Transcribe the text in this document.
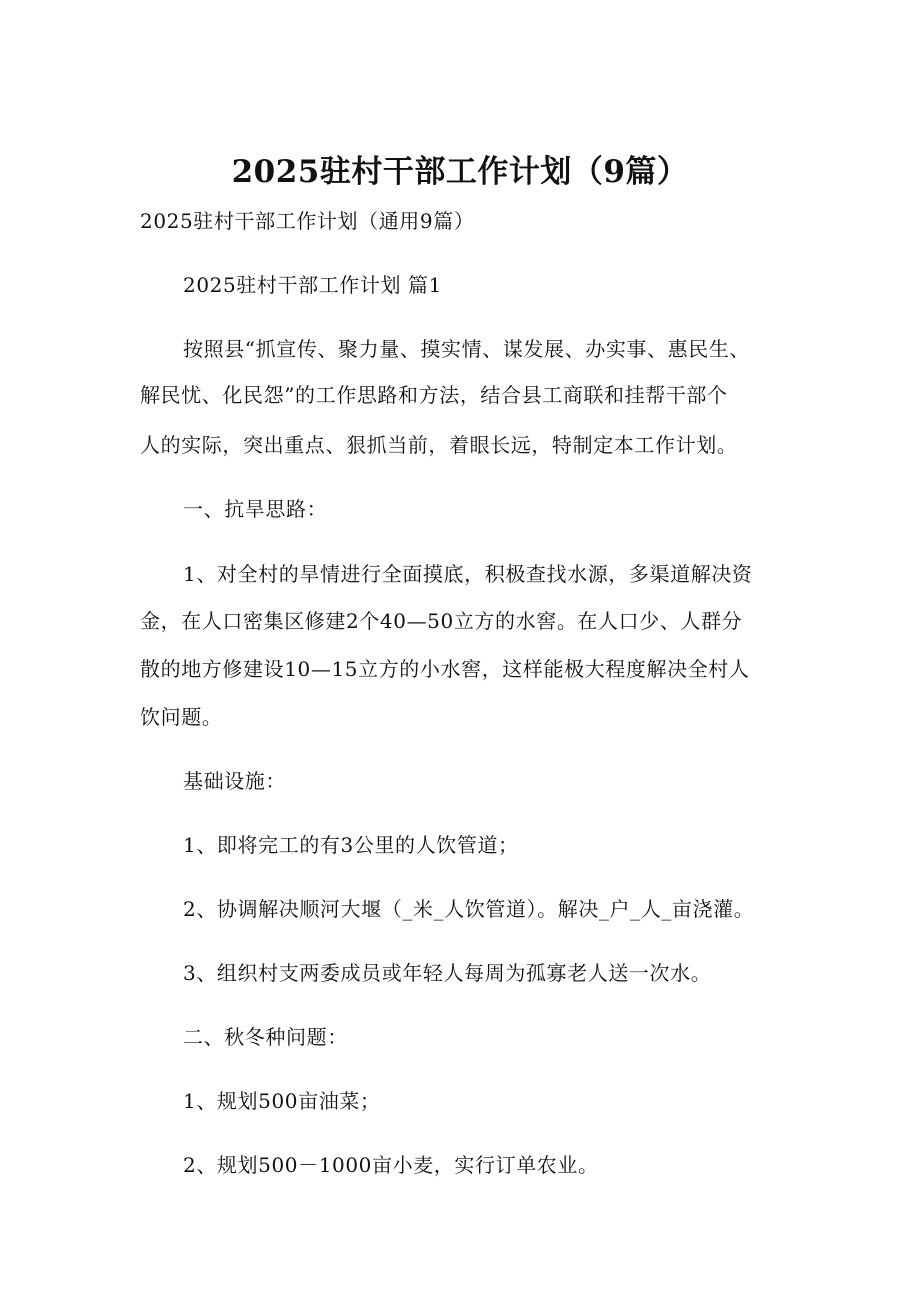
2025驻村干部工作计划（9篇）
2025驻村干部工作计划（通用9篇）
2025驻村干部工作计划 篇1
按照县“抓宣传、聚力量、摸实情、谋发展、办实事、惠民生、
解民忧、化民怨”的工作思路和方法，结合县工商联和挂帮干部个
人的实际，突出重点、狠抓当前，着眼长远，特制定本工作计划。
一、抗旱思路：
1、对全村的旱情进行全面摸底，积极查找水源，多渠道解决资
金，在人口密集区修建2个40—50立方的水窖。在人口少、人群分
散的地方修建设10—15立方的小水窖，这样能极大程度解决全村人
饮问题。
基础设施：
1、即将完工的有3公里的人饮管道；
2、协调解决顺河大堰（_米_人饮管道）。解决_户_人_亩浇灌。
3、组织村支两委成员或年轻人每周为孤寡老人送一次水。
二、秋冬种问题：
1、规划500亩油菜；
2、规划500－1000亩小麦，实行订单农业。
